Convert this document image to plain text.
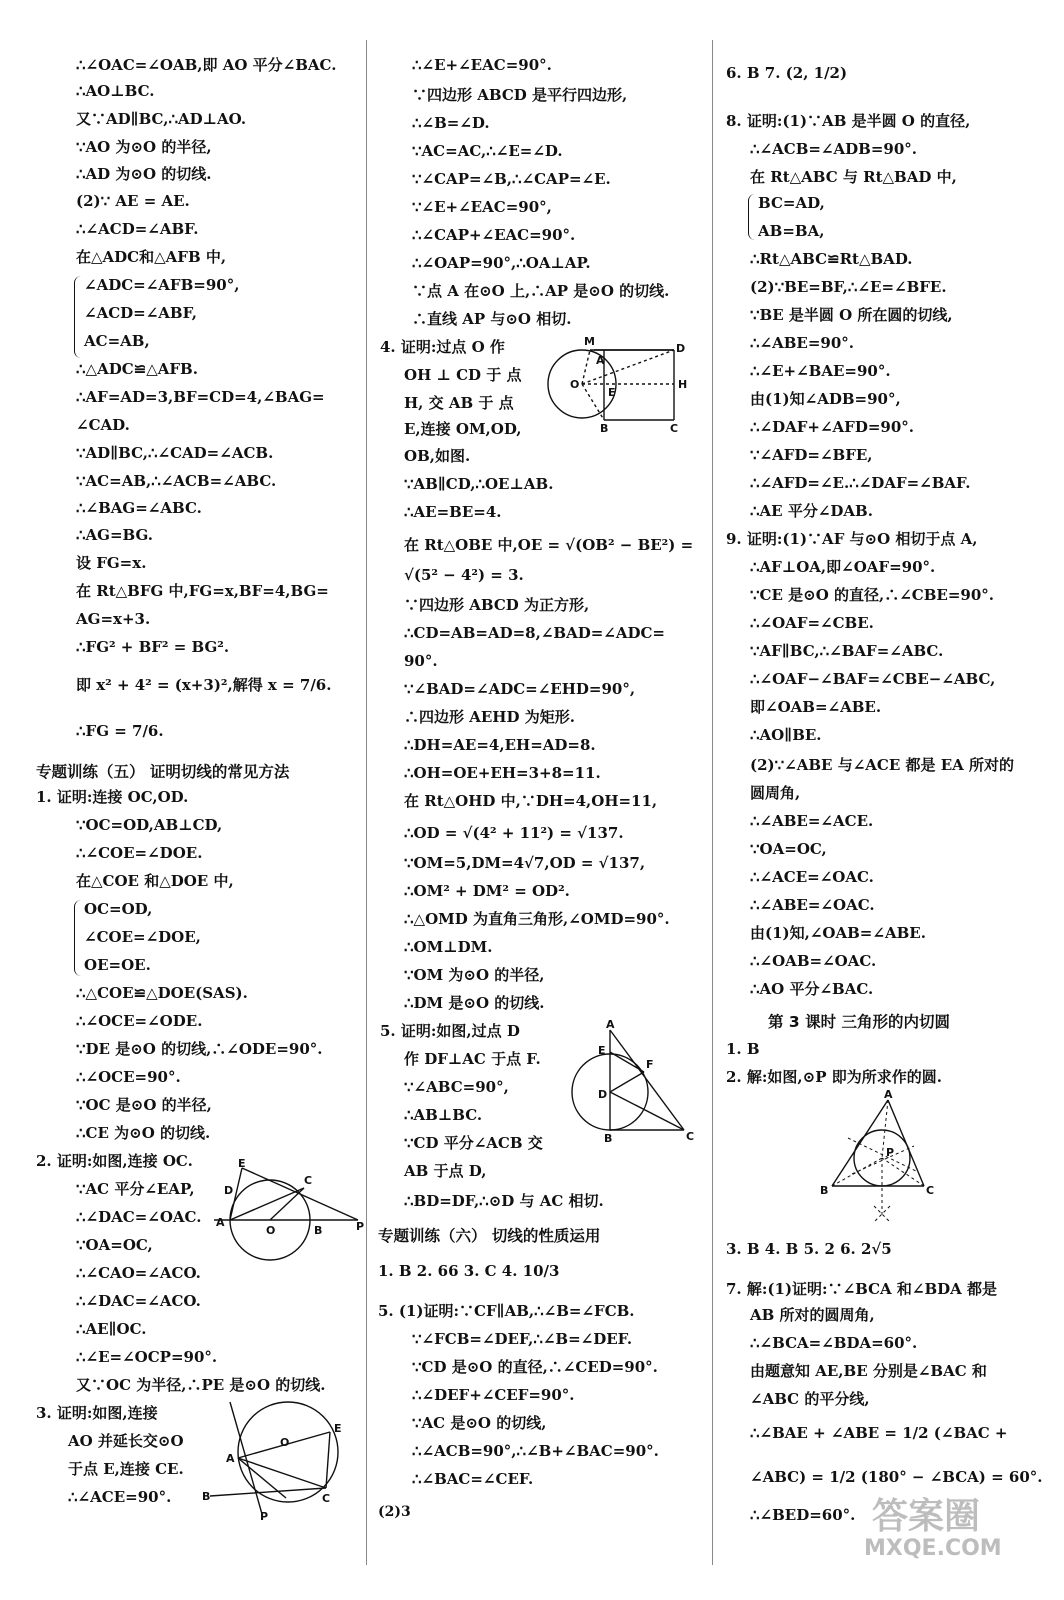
∴∠OAC=∠OAB,即 AO 平分∠BAC.
∴AO⊥BC.
又∵AD∥BC,∴AD⊥AO.
∵AO 为⊙O 的半径,
∴AD 为⊙O 的切线.
(2)∵ AE = AE.
∴∠ACD=∠ABF.
在△ADC和△AFB 中,
∠ADC=∠AFB=90°,
∠ACD=∠ABF,
AC=AB,
∴△ADC≌△AFB.
∴AF=AD=3,BF=CD=4,∠BAG=
∠CAD.
∵AD∥BC,∴∠CAD=∠ACB.
∵AC=AB,∴∠ACB=∠ABC.
∴∠BAG=∠ABC.
∴AG=BG.
设 FG=x.
在 Rt△BFG 中,FG=x,BF=4,BG=
AG=x+3.
∴FG² + BF² = BG².
即 x² + 4² = (x+3)²,解得 x = 7/6.
∴FG = 7/6.
专题训练（五） 证明切线的常见方法
1. 证明:连接 OC,OD.
∵OC=OD,AB⊥CD,
∴∠COE=∠DOE.
在△COE 和△DOE 中,
OC=OD,
∠COE=∠DOE,
OE=OE.
∴△COE≌△DOE(SAS).
∴∠OCE=∠ODE.
∵DE 是⊙O 的切线,∴∠ODE=90°.
∴∠OCE=90°.
∵OC 是⊙O 的半径,
∴CE 为⊙O 的切线.
2. 证明:如图,连接 OC.
∵AC 平分∠EAP,
∴∠DAC=∠OAC.
∵OA=OC,
∴∠CAO=∠ACO.
∴∠DAC=∠ACO.
∴AE∥OC.
∴∠E=∠OCP=90°.
又∵OC 为半径,∴PE 是⊙O 的切线.
3. 证明:如图,连接
AO 并延长交⊙O
于点 E,连接 CE.
∴∠ACE=90°.
E
D
C
A
O	B	P
O
E
A
C
B
P
∴∠E+∠EAC=90°.
∵四边形 ABCD 是平行四边形,
∴∠B=∠D.
∵AC=AC,∴∠E=∠D.
∵∠CAP=∠B,∴∠CAP=∠E.
∵∠E+∠EAC=90°,
∴∠CAP+∠EAC=90°.
∴∠OAP=90°,∴OA⊥AP.
∵点 A 在⊙O 上,∴AP 是⊙O 的切线.
∴直线 AP 与⊙O 相切.
4. 证明:过点 O 作
OH ⊥ CD 于 点
H, 交 AB 于 点
E,连接 OM,OD,
OB,如图.
∵AB∥CD,∴OE⊥AB.
∴AE=BE=4.
在 Rt△OBE 中,OE = √(OB² − BE²) =
√(5² − 4²) = 3.
∵四边形 ABCD 为正方形,
∴CD=AB=AD=8,∠BAD=∠ADC=
90°.
∵∠BAD=∠ADC=∠EHD=90°,
∴四边形 AEHD 为矩形.
∴DH=AE=4,EH=AD=8.
∴OH=OE+EH=3+8=11.
在 Rt△OHD 中,∵DH=4,OH=11,
∴OD = √(4² + 11²) = √137.
∵OM=5,DM=4√7,OD = √137,
∴OM² + DM² = OD².
∴△OMD 为直角三角形,∠OMD=90°.
∴OM⊥DM.
∵OM 为⊙O 的半径,
∴DM 是⊙O 的切线.
5. 证明:如图,过点 D
作 DF⊥AC 于点 F.
∵∠ABC=90°,
∴AB⊥BC.
∵CD 平分∠ACB 交
AB 于点 D,
∴BD=DF,∴⊙D 与 AC 相切.
专题训练（六） 切线的性质运用
1. B 2. 66 3. C 4. 10/3
5. (1)证明:∵CF∥AB,∴∠B=∠FCB.
∵∠FCB=∠DEF,∴∠B=∠DEF.
∵CD 是⊙O 的直径,∴∠CED=90°.
∴∠DEF+∠CEF=90°.
∵AC 是⊙O 的切线,
∴∠ACB=90°,∴∠B+∠BAC=90°.
∴∠BAC=∠CEF.
(2)3
M
D
A
O
E
H
B	C
A
E
F
D
B	C
6. B 7. (2, 1/2)
8. 证明:(1)∵AB 是半圆 O 的直径,
∴∠ACB=∠ADB=90°.
在 Rt△ABC 与 Rt△BAD 中,
BC=AD,
AB=BA,
∴Rt△ABC≌Rt△BAD.
(2)∵BE=BF,∴∠E=∠BFE.
∵BE 是半圆 O 所在圆的切线,
∴∠ABE=90°.
∴∠E+∠BAE=90°.
由(1)知∠ADB=90°,
∴∠DAF+∠AFD=90°.
∵∠AFD=∠BFE,
∴∠AFD=∠E.∴∠DAF=∠BAF.
∴AE 平分∠DAB.
9. 证明:(1)∵AF 与⊙O 相切于点 A,
∴AF⊥OA,即∠OAF=90°.
∵CE 是⊙O 的直径,∴∠CBE=90°.
∴∠OAF=∠CBE.
∵AF∥BC,∴∠BAF=∠ABC.
∴∠OAF−∠BAF=∠CBE−∠ABC,
即∠OAB=∠ABE.
∴AO∥BE.
(2)∵∠ABE 与∠ACE 都是 EA 所对的
圆周角,
∴∠ABE=∠ACE.
∵OA=OC,
∴∠ACE=∠OAC.
∴∠ABE=∠OAC.
由(1)知,∠OAB=∠ABE.
∴∠OAB=∠OAC.
∴AO 平分∠BAC.
第 3 课时 三角形的内切圆
1. B
2. 解:如图,⊙P 即为所求作的圆.
A
P
B	C
3. B 4. B 5. 2 6. 2√5
7. 解:(1)证明:∵∠BCA 和∠BDA 都是
AB 所对的圆周角,
∴∠BCA=∠BDA=60°.
由题意知 AE,BE 分别是∠BAC 和
∠ABC 的平分线,
∴∠BAE + ∠ABE = 1/2 (∠BAC +
∠ABC) = 1/2 (180° − ∠BCA) = 60°.
∴∠BED=60°. 答案圈
MXQE.COM
